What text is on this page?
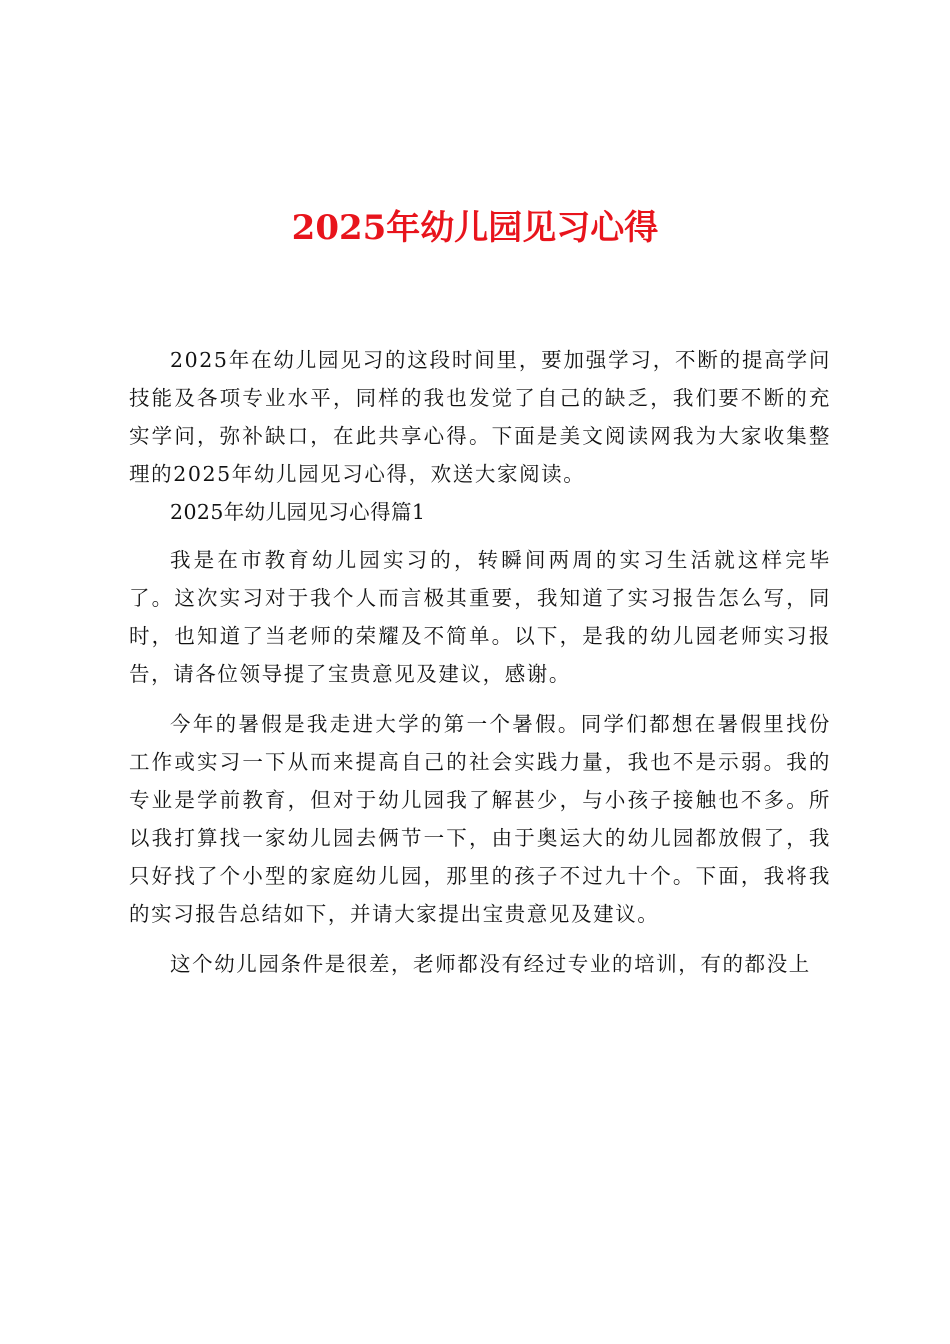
2025年幼儿园见习心得

2025年在幼儿园见习的这段时间里，要加强学习，不断的提高学问技能及各项专业水平，同样的我也发觉了自己的缺乏，我们要不断的充实学问，弥补缺口，在此共享心得。下面是美文阅读网我为大家收集整理的2025年幼儿园见习心得，欢送大家阅读。

2025年幼儿园见习心得篇1

我是在市教育幼儿园实习的，转瞬间两周的实习生活就这样完毕了。这次实习对于我个人而言极其重要，我知道了实习报告怎么写，同时，也知道了当老师的荣耀及不简单。以下，是我的幼儿园老师实习报告，请各位领导提了宝贵意见及建议，感谢。

今年的暑假是我走进大学的第一个暑假。同学们都想在暑假里找份工作或实习一下从而来提高自己的社会实践力量，我也不是示弱。我的专业是学前教育，但对于幼儿园我了解甚少，与小孩子接触也不多。所以我打算找一家幼儿园去俩节一下，由于奥运大的幼儿园都放假了，我只好找了个小型的家庭幼儿园，那里的孩子不过九十个。下面，我将我的实习报告总结如下，并请大家提出宝贵意见及建议。

这个幼儿园条件是很差，老师都没有经过专业的培训，有的都没上
